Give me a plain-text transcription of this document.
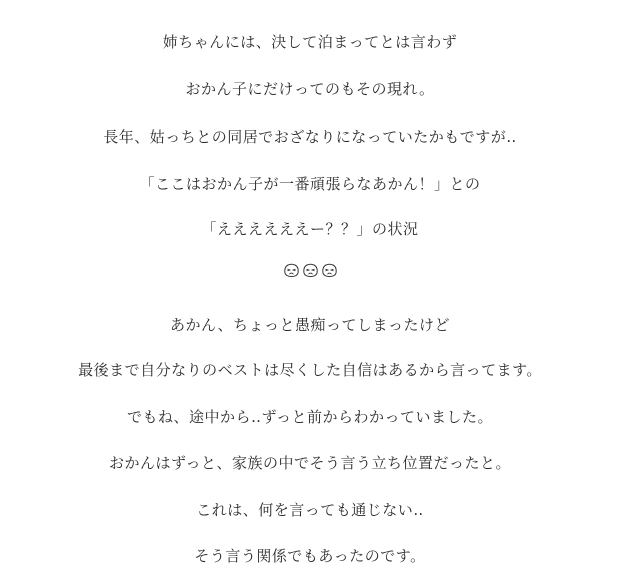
姉ちゃんには、決して泊まってとは言わず
おかん子にだけってのもその現れ。
長年、姑っちとの同居でおざなりになっていたかもですが‥
「ここはおかん子が一番頑張らなあかん！」との
「ええええええー？？」の状況
あかん、ちょっと愚痴ってしまったけど
最後まで自分なりのベストは尽くした自信はあるから言ってます。
でもね、途中から‥ずっと前からわかっていました。
おかんはずっと、家族の中でそう言う立ち位置だったと。
これは、何を言っても通じない‥
そう言う関係でもあったのです。
